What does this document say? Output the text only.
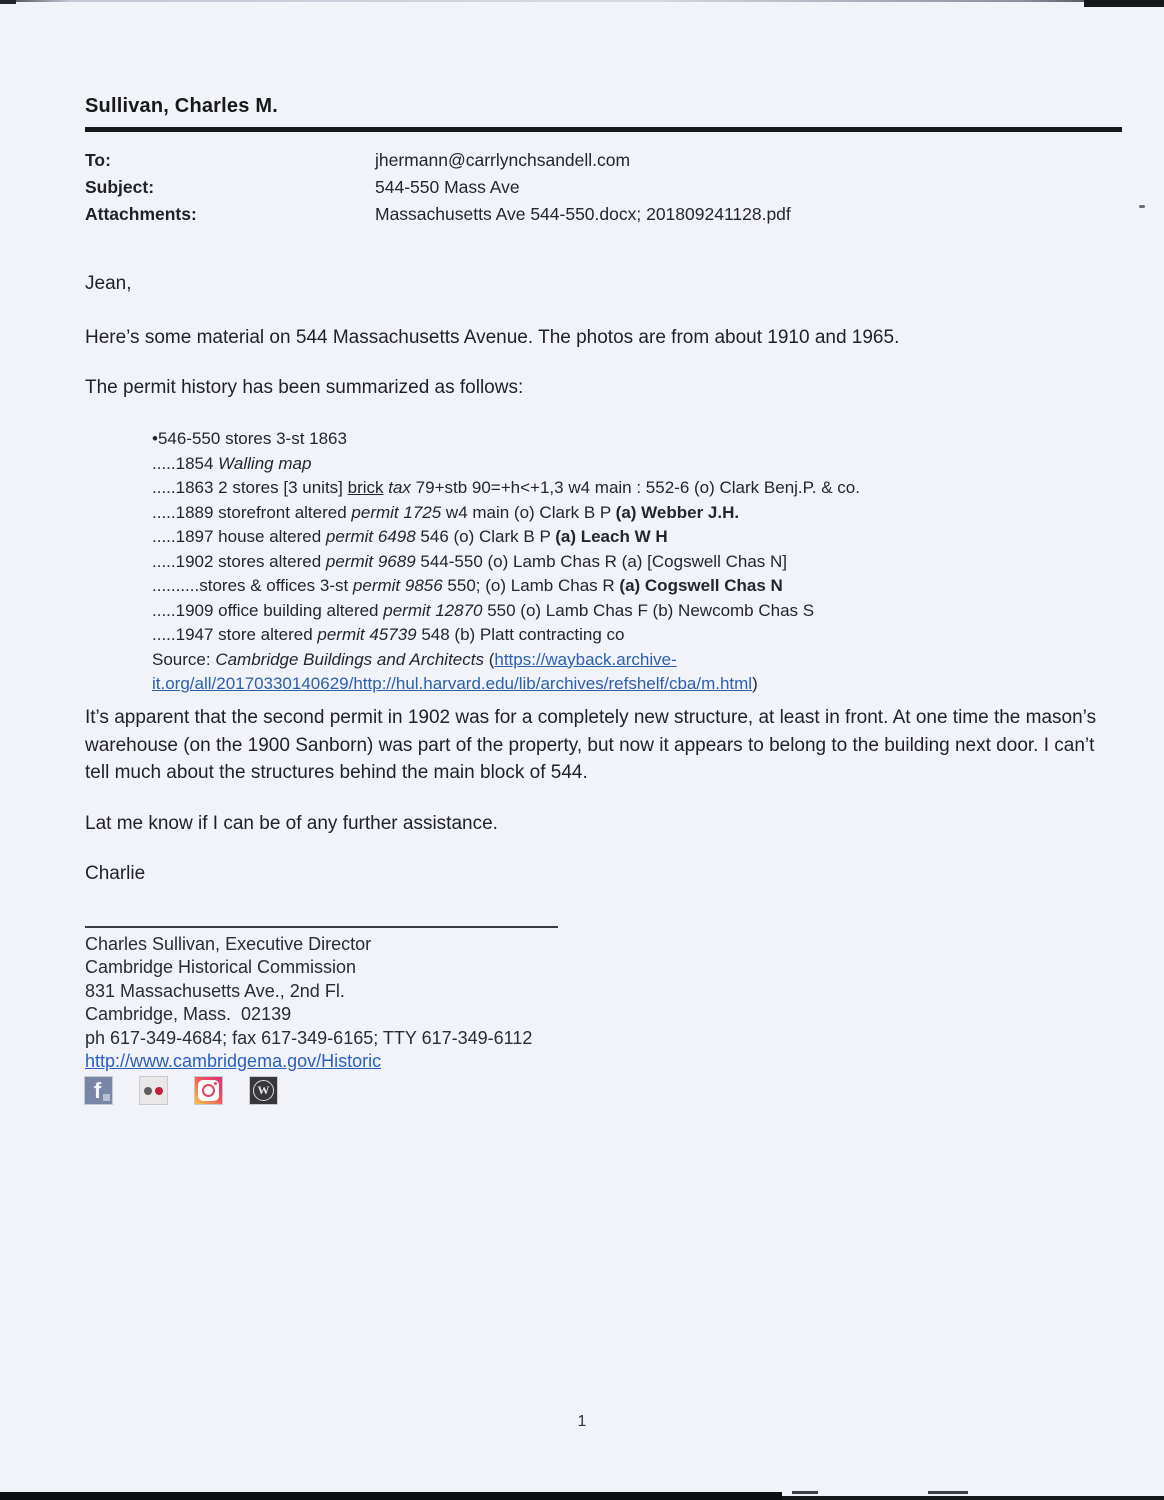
Sullivan, Charles M.
To:	jhermann@carrlynchsandell.com
Subject:	544-550 Mass Ave
Attachments:	Massachusetts Ave 544-550.docx; 201809241128.pdf
Jean,
Here’s some material on 544 Massachusetts Avenue. The photos are from about 1910 and 1965.
The permit history has been summarized as follows:
•546-550 stores 3-st 1863
.....1854 Walling map
.....1863 2 stores [3 units] brick tax 79+stb 90=+h<+1,3 w4 main : 552-6 (o) Clark Benj.P. & co.
.....1889 storefront altered permit 1725 w4 main (o) Clark B P (a) Webber J.H.
.....1897 house altered permit 6498 546 (o) Clark B P (a) Leach W H
.....1902 stores altered permit 9689 544-550 (o) Lamb Chas R (a) [Cogswell Chas N]
..........stores & offices 3-st permit 9856 550; (o) Lamb Chas R (a) Cogswell Chas N
.....1909 office building altered permit 12870 550 (o) Lamb Chas F (b) Newcomb Chas S
.....1947 store altered permit 45739 548 (b) Platt contracting co
Source: Cambridge Buildings and Architects (https://wayback.archive-
it.org/all/20170330140629/http://hul.harvard.edu/lib/archives/refshelf/cba/m.html)
It’s apparent that the second permit in 1902 was for a completely new structure, at least in front. At one time the mason’s warehouse (on the 1900 Sanborn) was part of the property, but now it appears to belong to the building next door. I can’t tell much about the structures behind the main block of 544.
Lat me know if I can be of any further assistance.
Charlie
Charles Sullivan, Executive Director
Cambridge Historical Commission
831 Massachusetts Ave., 2nd Fl.
Cambridge, Mass.  02139
ph 617-349-4684; fax 617-349-6165; TTY 617-349-6112
http://www.cambridgema.gov/Historic
f	W
1
